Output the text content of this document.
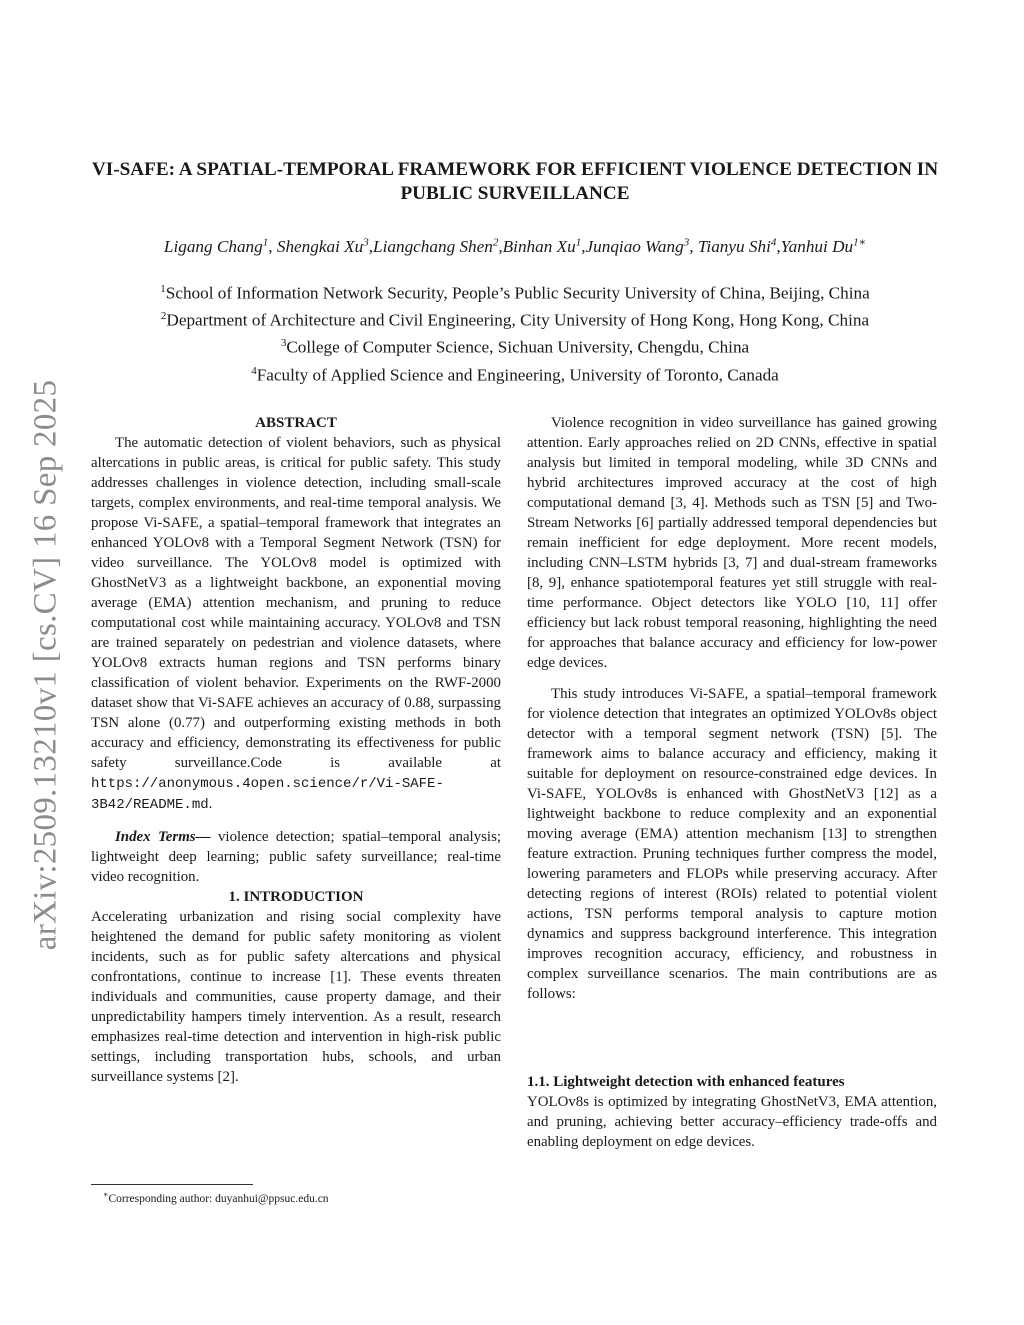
arXiv:2509.13210v1 [cs.CV] 16 Sep 2025
VI-SAFE: A SPATIAL-TEMPORAL FRAMEWORK FOR EFFICIENT VIOLENCE DETECTION IN PUBLIC SURVEILLANCE
Ligang Chang$^1$, Shengkai Xu$^3$,Liangchang Shen$^2$,Binhan Xu$^1$,Junqiao Wang$^3$, Tianyu Shi$^4$,Yanhui $Du^{1∗}$
$^1$School of Information Network Security, People’s Public Security University of China, Beijing, China
$^2$Department of Architecture and Civil Engineering, City University of Hong Kong, Hong Kong, China
$^3$College of Computer Science, Sichuan University, Chengdu, China
$^4$Faculty of Applied Science and Engineering, University of Toronto, Canada

ABSTRACT

The automatic detection of violent behaviors, such as physical altercations in public areas, is critical for public safety. This study addresses challenges in violence detection, including small-scale targets, complex environments, and real-time temporal analysis. We propose Vi-SAFE, a spatial–temporal framework that integrates an enhanced YOLOv8 with a Temporal Segment Network (TSN) for video surveillance. The YOLOv8 model is optimized with GhostNetV3 as a lightweight backbone, an exponential moving average (EMA) attention mechanism, and pruning to reduce computational cost while maintaining accuracy. YOLOv8 and TSN are trained separately on pedestrian and violence datasets, where YOLOv8 extracts human regions and TSN performs binary classification of violent behavior. Experiments on the RWF-2000 dataset show that Vi-SAFE achieves an accuracy of 0.88, surpassing TSN alone (0.77) and outperforming existing methods in both accuracy and efficiency, demonstrating its effectiveness for public safety surveillance.Code is available at https://anonymous.4open.science/r/Vi-SAFE-3B42/README.md.

Index Terms— violence detection; spatial–temporal analysis; lightweight deep learning; public safety surveillance; real-time video recognition.

1. INTRODUCTION

Accelerating urbanization and rising social complexity have heightened the demand for public safety monitoring as violent incidents, such as for public safety altercations and physical confrontations, continue to increase [1]. These events threaten individuals and communities, cause property damage, and their unpredictability hampers timely intervention. As a result, research emphasizes real-time detection and intervention in high-risk public settings, including transportation hubs, schools, and urban surveillance systems [2].

∗Corresponding author: duyanhui@ppsuc.edu.cn

Violence recognition in video surveillance has gained growing attention. Early approaches relied on 2D CNNs, effective in spatial analysis but limited in temporal modeling, while 3D CNNs and hybrid architectures improved accuracy at the cost of high computational demand [3, 4]. Methods such as TSN [5] and Two-Stream Networks [6] partially addressed temporal dependencies but remain inefficient for edge deployment. More recent models, including CNN–LSTM hybrids [3, 7] and dual-stream frameworks [8, 9], enhance spatiotemporal features yet still struggle with real-time performance. Object detectors like YOLO [10, 11] offer efficiency but lack robust temporal reasoning, highlighting the need for approaches that balance accuracy and efficiency for low-power edge devices.

This study introduces Vi-SAFE, a spatial–temporal framework for violence detection that integrates an optimized YOLOv8s object detector with a temporal segment network (TSN) [5]. The framework aims to balance accuracy and efficiency, making it suitable for deployment on resource-constrained edge devices. In Vi-SAFE, YOLOv8s is enhanced with GhostNetV3 [12] as a lightweight backbone to reduce complexity and an exponential moving average (EMA) attention mechanism [13] to strengthen feature extraction. Pruning techniques further compress the model, lowering parameters and FLOPs while preserving accuracy. After detecting regions of interest (ROIs) related to potential violent actions, TSN performs temporal analysis to capture motion dynamics and suppress background interference. This integration improves recognition accuracy, efficiency, and robustness in complex surveillance scenarios. The main contributions are as follows:

1.1. Lightweight detection with enhanced features

YOLOv8s is optimized by integrating GhostNetV3, EMA attention, and pruning, achieving better accuracy–efficiency trade-offs and enabling deployment on edge devices.
